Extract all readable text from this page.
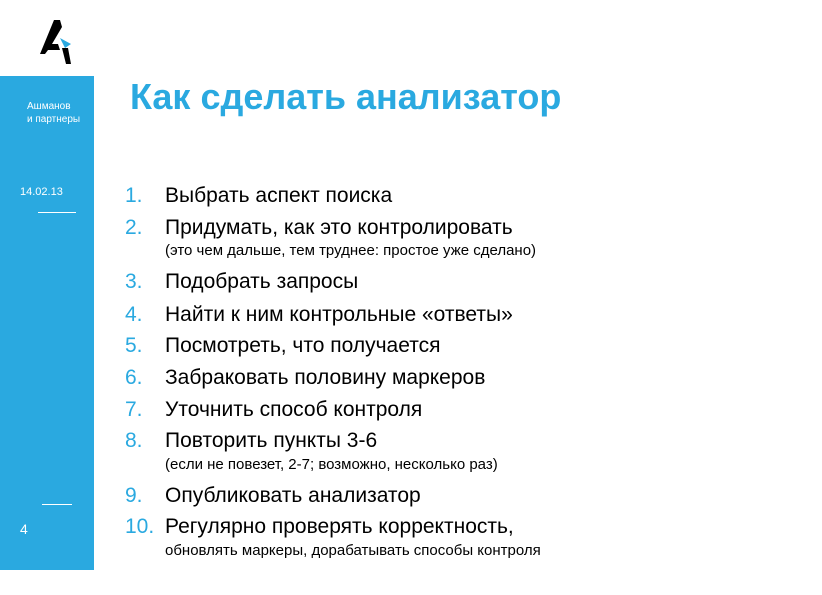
Ашманов
и партнеры
14.02.13
4
Как сделать анализатор
1. Выбрать аспект поиска
2. Придумать, как это контролировать
(это чем дальше, тем труднее: простое уже сделано)
3. Подобрать запросы
4. Найти к ним контрольные «ответы»
5. Посмотреть, что получается
6. Забраковать половину маркеров
7. Уточнить способ контроля
8. Повторить пункты 3-6
(если не повезет, 2-7; возможно, несколько раз)
9. Опубликовать анализатор
10. Регулярно проверять корректность,
обновлять маркеры, дорабатывать способы контроля
